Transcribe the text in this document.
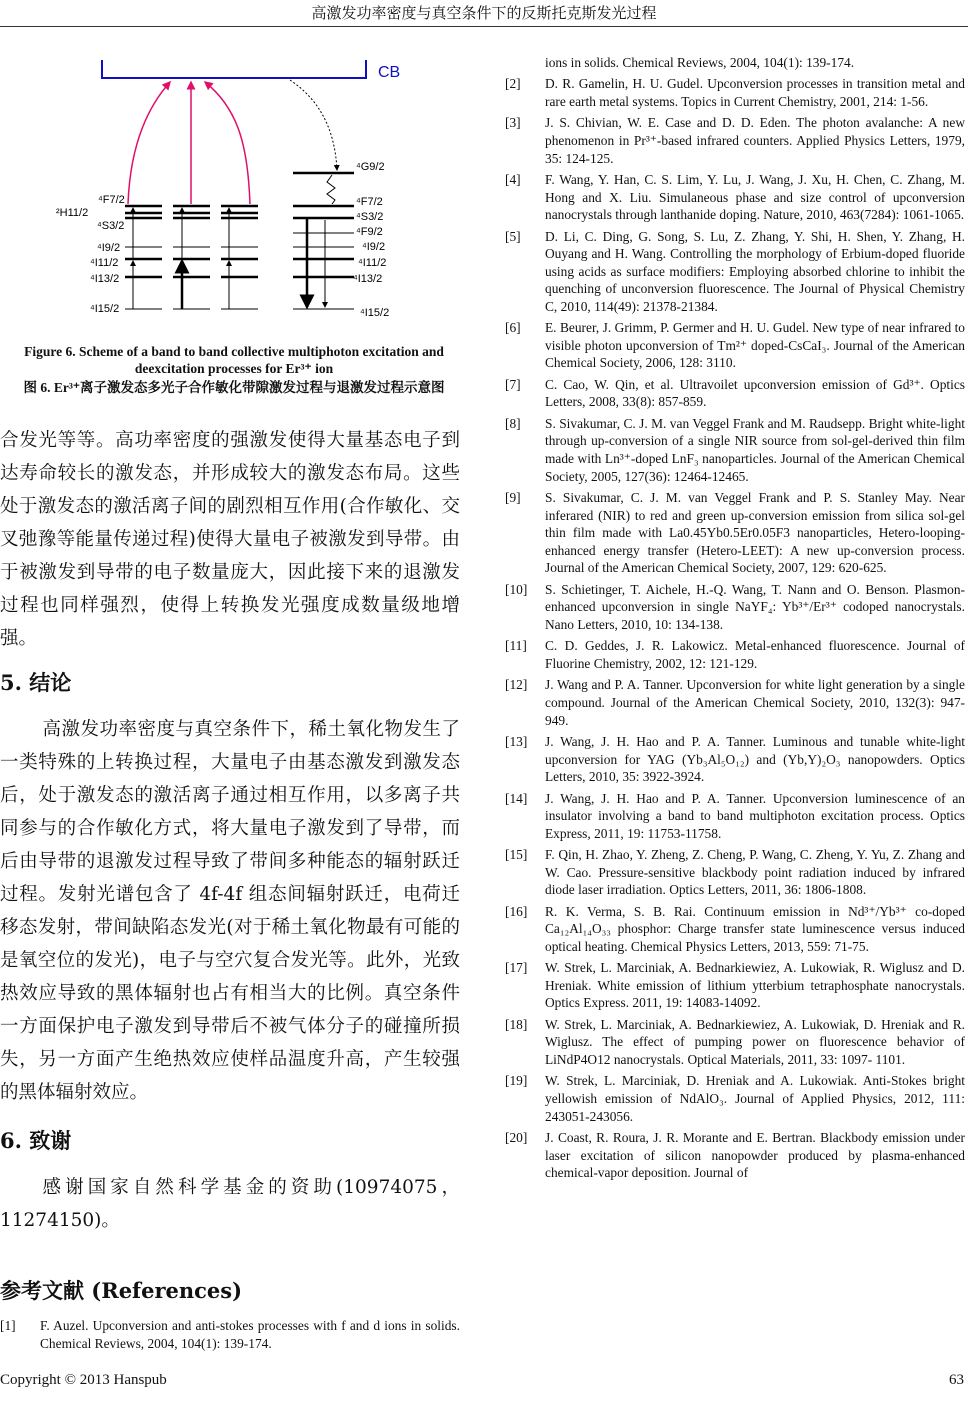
高激发功率密度与真空条件下的反斯托克斯发光过程
CB
⁴F7/2
²H11/2
⁴S3/2
⁴I9/2
⁴I11/2
⁴I13/2
⁴I15/2
⁴G9/2
⁴F7/2
⁴S3/2
⁴F9/2
⁴I9/2
⁴I11/2
⁴I13/2
⁴I15/2
Figure 6. Scheme of a band to band collective multiphoton excitation and deexcitation processes for Er³⁺ ion
图 6. Er³⁺离子激发态多光子合作敏化带隙激发过程与退激发过程示意图

合发光等等。高功率密度的强激发使得大量基态电子到达寿命较长的激发态，并形成较大的激发态布局。这些处于激发态的激活离子间的剧烈相互作用(合作敏化、交叉弛豫等能量传递过程)使得大量电子被激发到导带。由于被激发到导带的电子数量庞大，因此接下来的退激发过程也同样强烈，使得上转换发光强度成数量级地增强。

5. 结论

高激发功率密度与真空条件下，稀土氧化物发生了一类特殊的上转换过程，大量电子由基态激发到激发态后，处于激发态的激活离子通过相互作用，以多离子共同参与的合作敏化方式，将大量电子激发到了导带，而后由导带的退激发过程导致了带间多种能态的辐射跃迁过程。发射光谱包含了 4f-4f 组态间辐射跃迁，电荷迁移态发射，带间缺陷态发光(对于稀土氧化物最有可能的是氧空位的发光)，电子与空穴复合发光等。此外，光致热效应导致的黑体辐射也占有相当大的比例。真空条件一方面保护电子激发到导带后不被气体分子的碰撞所损失，另一方面产生绝热效应使样品温度升高，产生较强的黑体辐射效应。

6. 致谢

感谢国家自然科学基金的资助(10974075，11274150)。

参考文献 (References)
[1]	F. Auzel. Upconversion and anti-stokes processes with f and d ions in solids. Chemical Reviews, 2004, 104(1): 139-174.
ions in solids. Chemical Reviews, 2004, 104(1): 139-174.
[2]	D. R. Gamelin, H. U. Gudel. Upconversion processes in transition metal and rare earth metal systems. Topics in Current Chemistry, 2001, 214: 1-56.
[3]	J. S. Chivian, W. E. Case and D. D. Eden. The photon avalanche: A new phenomenon in Pr³⁺-based infrared counters. Applied Physics Letters, 1979, 35: 124-125.
[4]	F. Wang, Y. Han, C. S. Lim, Y. Lu, J. Wang, J. Xu, H. Chen, C. Zhang, M. Hong and X. Liu. Simulaneous phase and size control of upconversion nanocrystals through lanthanide doping. Nature, 2010, 463(7284): 1061-1065.
[5]	D. Li, C. Ding, G. Song, S. Lu, Z. Zhang, Y. Shi, H. Shen, Y. Zhang, H. Ouyang and H. Wang. Controlling the morphology of Erbium-doped fluoride using acids as surface modifiers: Employing absorbed chlorine to inhibit the quenching of unconversion fluorescence. The Journal of Physical Chemistry C, 2010, 114(49): 21378-21384.
[6]	E. Beurer, J. Grimm, P. Germer and H. U. Gudel. New type of near infrared to visible photon upconversion of Tm²⁺ doped-CsCaI₃. Journal of the American Chemical Society, 2006, 128: 3110.
[7]	C. Cao, W. Qin, et al. Ultravoilet upconversion emission of Gd³⁺. Optics Letters, 2008, 33(8): 857-859.
[8]	S. Sivakumar, C. J. M. van Veggel Frank and M. Raudsepp. Bright white-light through up-conversion of a single NIR source from sol-gel-derived thin film made with Ln³⁺-doped LnF₃ nanoparticles. Journal of the American Chemical Society, 2005, 127(36): 12464-12465.
[9]	S. Sivakumar, C. J. M. van Veggel Frank and P. S. Stanley May. Near inferared (NIR) to red and green up-conversion emission from silica sol-gel thin film made with La0.45Yb0.5Er0.05F3 nanoparticles, Hetero-looping-enhanced energy transfer (Hetero-LEET): A new up-conversion process. Journal of the American Chemical Society, 2007, 129: 620-625.
[10]	S. Schietinger, T. Aichele, H.-Q. Wang, T. Nann and O. Benson. Plasmon-enhanced upconversion in single NaYF₄: Yb³⁺/Er³⁺ codoped nanocrystals. Nano Letters, 2010, 10: 134-138.
[11]	C. D. Geddes, J. R. Lakowicz. Metal-enhanced fluorescence. Journal of Fluorine Chemistry, 2002, 12: 121-129.
[12]	J. Wang and P. A. Tanner. Upconversion for white light generation by a single compound. Journal of the American Chemical Society, 2010, 132(3): 947-949.
[13]	J. Wang, J. H. Hao and P. A. Tanner. Luminous and tunable white-light upconversion for YAG (Yb₃Al₅O₁₂) and (Yb,Y)₂O₃ nanopowders. Optics Letters, 2010, 35: 3922-3924.
[14]	J. Wang, J. H. Hao and P. A. Tanner. Upconversion luminescence of an insulator involving a band to band multiphoton excitation process. Optics Express, 2011, 19: 11753-11758.
[15]	F. Qin, H. Zhao, Y. Zheng, Z. Cheng, P. Wang, C. Zheng, Y. Yu, Z. Zhang and W. Cao. Pressure-sensitive blackbody point radiation induced by infrared diode laser irradiation. Optics Letters, 2011, 36: 1806-1808.
[16]	R. K. Verma, S. B. Rai. Continuum emission in Nd³⁺/Yb³⁺ co-doped Ca₁₂Al₁₄O₃₃ phosphor: Charge transfer state luminescence versus induced optical heating. Chemical Physics Letters, 2013, 559: 71-75.
[17]	W. Strek, L. Marciniak, A. Bednarkiewiez, A. Lukowiak, R. Wiglusz and D. Hreniak. White emission of lithium ytterbium tetraphosphate nanocrystals. Optics Express. 2011, 19: 14083-14092.
[18]	W. Strek, L. Marciniak, A. Bednarkiewiez, A. Lukowiak, D. Hreniak and R. Wiglusz. The effect of pumping power on fluorescence behavior of LiNdP4O12 nanocrystals. Optical Materials, 2011, 33: 1097- 1101.
[19]	W. Strek, L. Marciniak, D. Hreniak and A. Lukowiak. Anti-Stokes bright yellowish emission of NdAlO₃. Journal of Applied Physics, 2012, 111: 243051-243056.
[20]	J. Coast, R. Roura, J. R. Morante and E. Bertran. Blackbody emission under laser excitation of silicon nanopowder produced by plasma-enhanced chemical-vapor deposition. Journal of
Copyright © 2013 Hanspub	63
